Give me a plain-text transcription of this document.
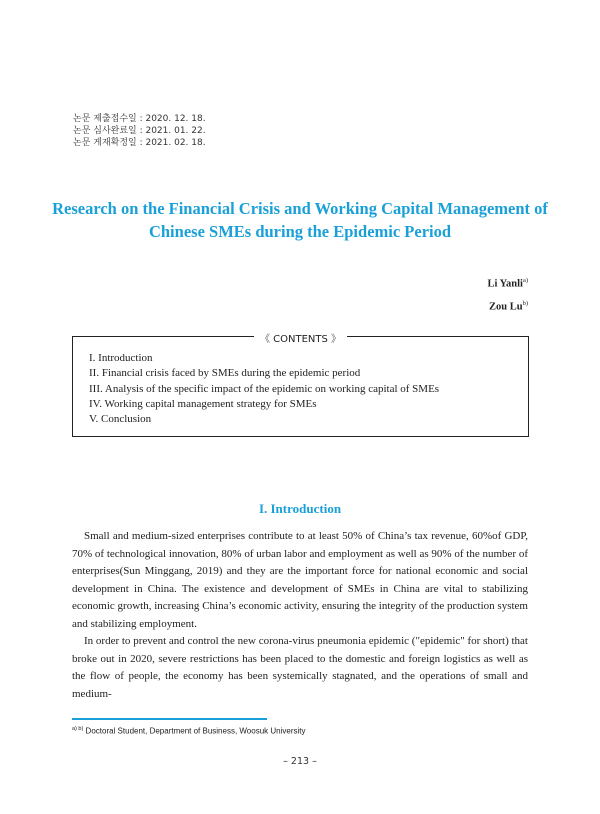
논문 제출접수일 : 2020. 12. 18.
논문 심사완료일 : 2021. 01. 22.
논문 게재확정일 : 2021. 02. 18.
Research on the Financial Crisis and Working Capital Management of
Chinese SMEs during the Epidemic Period
Li Yanli$^{a)}$
Zou Lu$^{b)}$
《 CONTENTS 》
I. Introduction
II. Financial crisis faced by SMEs during the epidemic period
III. Analysis of the specific impact of the epidemic on working capital of SMEs
IV. Working capital management strategy for SMEs
V. Conclusion
I. Introduction

Small and medium-sized enterprises contribute to at least 50% of China’s tax revenue, 60%of GDP, 70% of technological innovation, 80% of urban labor and employment as well as 90% of the number of enterprises(Sun Minggang, 2019) and they are the important force for national economic and social development in China. The existence and development of SMEs in China are vital to stabilizing economic growth, increasing China’s economic activity, ensuring the integrity of the production system and stabilizing employment.

In order to prevent and control the new corona-virus pneumonia epidemic ("epidemic" for short) that broke out in 2020, severe restrictions has been placed to the domestic and foreign logistics as well as the flow of people, the economy has been systemically stagnated, and the operations of small and medium-

$^{a) b)}$ Doctoral Student, Department of Business, Woosuk University
– 213 –
